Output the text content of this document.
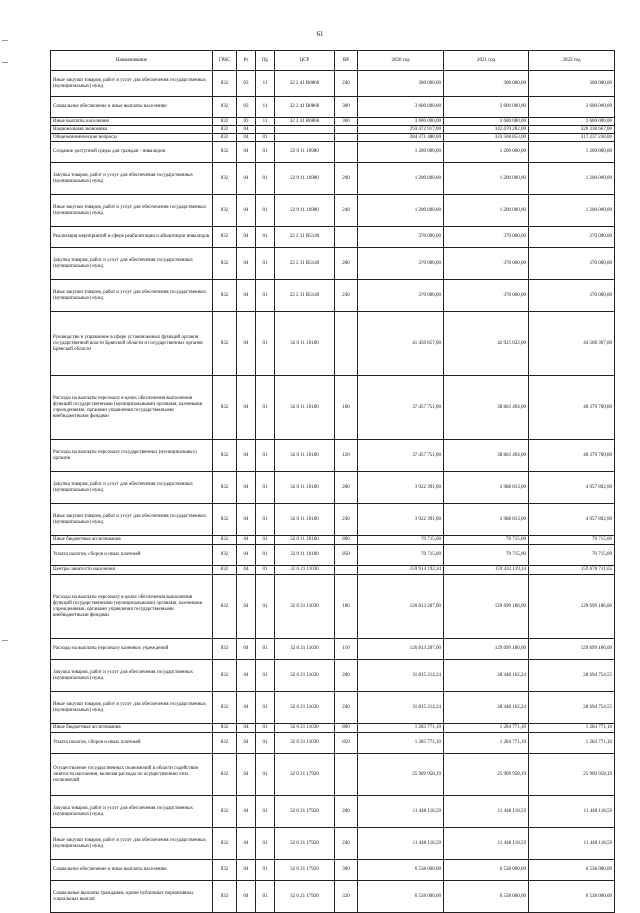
61
Наименование	ГРБС	Рз	Пр	ЦСР	ВР	2020 год	2021 год	2022 год
Иные закупки товаров, работ и услуг для обеспечения государственных (муниципальных) нужд	832	03	11	32 2 41 R0860	240	300 000,00	300 000,00	300 000,00
Социальное обеспечение и иные выплаты населению	832	03	11	32 2 41 R0860	300	3 600 000,00	3 600 000,00	3 600 000,00
Иные выплаты населению	832	03	11	32 2 41 R0860	360	3 600 000,00	3 600 000,00	3 600 000,00
Национальная экономика	832	04				293 472 917,00	342 670 282,00	326 338 667,00
Общеэкономические вопросы	832	04	01			284 371 488,00	333 568 853,00	317 237 238,00
Создание доступной среды для граждан - инвалидов	832	04	01	22 0 11 16980		1 200 000,00	1 200 000,00	1 200 000,00
Закупка товаров, работ и услуг для обеспечения государственных (муниципальных) нужд	832	04	01	22 0 11 16980	200	1 200 000,00	1 200 000,00	1 200 000,00
Иные закупки товаров, работ и услуг для обеспечения государственных (муниципальных) нужд	832	04	01	22 0 11 16980	240	1 200 000,00	1 200 000,00	1 200 000,00
Реализация мероприятий в сфере реабилитации и абилитации инвалидов	832	04	01	22 2 31 R5140		370 000,00	370 000,00	370 000,00
Закупка товаров, работ и услуг для обеспечения государственных (муниципальных) нужд	832	04	01	22 2 31 R5140	200	370 000,00	370 000,00	370 000,00
Иные закупки товаров, работ и услуг для обеспечения государственных (муниципальных) нужд	832	04	01	22 2 31 R5140	240	370 000,00	370 000,00	370 000,00
Руководство и управление в сфере установленных функций органов государственной власти Брянской области и государственных органов Брянской области	832	04	01	32 0 11 10100		41 450 857,00	42 925 022,00	44 508 307,00
Расходы на выплаты персоналу в целях обеспечения выполнения функций государственными (муниципальными) органами, казенными учреждениями, органами управления государственными внебюджетными фондами	832	04	01	32 0 11 10100	100	37 457 751,00	38 863 494,00	40 379 700,00
Расходы на выплаты персоналу государственных (муниципальных) органов	832	04	01	32 0 11 10100	120	37 457 751,00	38 863 494,00	40 379 700,00
Закупка товаров, работ и услуг для обеспечения государственных (муниципальных) нужд	832	04	01	32 0 11 10100	200	3 922 391,00	3 988 813,00	4 057 892,00
Иные закупки товаров, работ и услуг для обеспечения государственных (муниципальных) нужд	832	04	01	32 0 11 10100	240	3 922 391,00	3 988 813,00	4 057 892,00
Иные бюджетные ассигнования	832	04	01	32 0 11 10100	800	70 715,00	70 715,00	70 715,00
Уплата налогов, сборов и иных платежей	832	04	01	32 0 11 10100	850	70 715,00	70 715,00	70 715,00
Центры занятости населения	832	04	01	32 0 21 11030		159 914 192,34	159 432 119,34	159 678 711,65
Расходы на выплаты персоналу в целях обеспечения выполнения функций государственными (муниципальными) органами, казенными учреждениями, органами управления государственными внебюджетными фондами	832	04	01	32 0 21 11030	100	126 813 207,00	129 699 186,00	129 699 186,00
Расходы на выплаты персоналу казенных учреждений	832	04	01	32 0 21 11030	110	126 813 207,00	129 699 186,00	129 699 186,00
Закупка товаров, работ и услуг для обеспечения государственных (муниципальных) нужд	832	04	01	32 0 21 11030	200	31 815 214,24	28 448 162,24	28 694 754,55
Иные закупки товаров, работ и услуг для обеспечения государственных (муниципальных) нужд	832	04	01	32 0 21 11030	240	31 815 214,24	28 448 162,24	28 694 754,55
Иные бюджетные ассигнования	832	04	01	32 0 21 11030	800	1 285 771,10	1 284 771,10	1 284 771,10
Уплата налогов, сборов и иных платежей	832	04	01	32 0 21 11030	850	1 285 771,10	1 284 771,10	1 284 771,10
Осуществление государственных полномочий в области содействия занятости населения, включая расходы по осуществлению этих полномочий	832	04	01	32 0 21 17920		25 909 958,19	25 909 958,19	25 909 958,19
Закупка товаров, работ и услуг для обеспечения государственных (муниципальных) нужд	832	04	01	32 0 21 17920	200	11 448 118,59	11 448 118,59	11 448 118,59
Иные закупки товаров, работ и услуг для обеспечения государственных (муниципальных) нужд	832	04	01	32 0 21 17920	240	11 448 118,59	11 448 118,59	11 448 118,59
Социальное обеспечение и иные выплаты населению	832	04	01	32 0 21 17920	300	6 538 000,00	6 538 000,00	6 538 000,00
Социальные выплаты гражданам, кроме публичных нормативных социальных выплат	832	04	01	32 0 21 17920	320	6 538 000,00	6 538 000,00	6 538 000,00
